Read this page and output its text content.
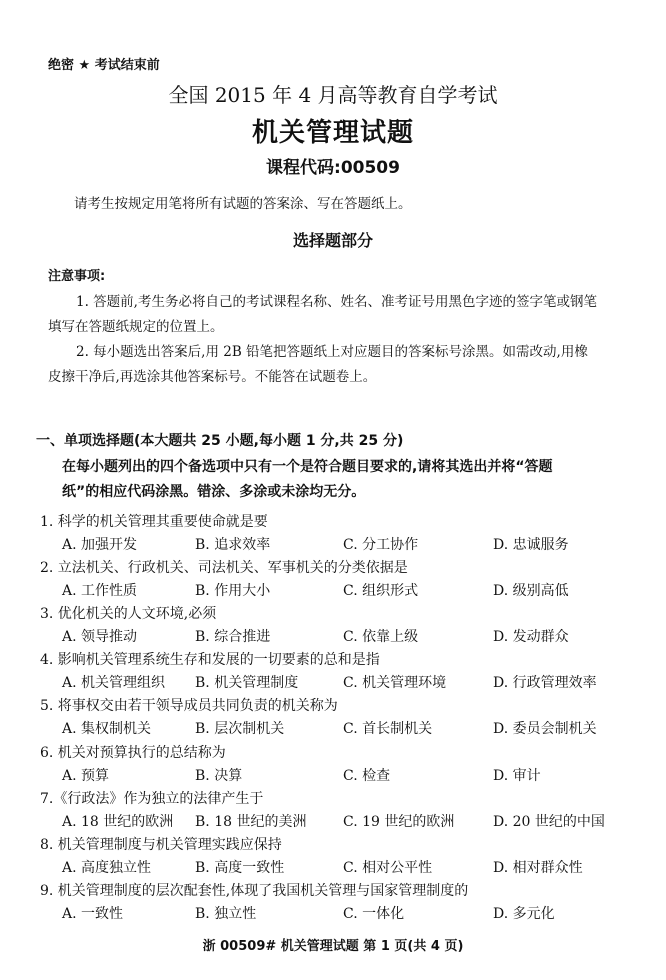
绝密 ★ 考试结束前
全国 2015 年 4 月高等教育自学考试
机关管理试题
课程代码:00509
请考生按规定用笔将所有试题的答案涂、写在答题纸上。
选择题部分
注意事项:
1. 答题前,考生务必将自己的考试课程名称、姓名、准考证号用黑色字迹的签字笔或钢笔
填写在答题纸规定的位置上。
2. 每小题选出答案后,用 2B 铅笔把答题纸上对应题目的答案标号涂黑。如需改动,用橡
皮擦干净后,再选涂其他答案标号。不能答在试题卷上。
一、单项选择题(本大题共 25 小题,每小题 1 分,共 25 分)
在每小题列出的四个备选项中只有一个是符合题目要求的,请将其选出并将“答题
纸”的相应代码涂黑。错涂、多涂或未涂均无分。
1. 科学的机关管理其重要使命就是要
A. 加强开发	B. 追求效率	C. 分工协作	D. 忠诚服务
2. 立法机关、行政机关、司法机关、军事机关的分类依据是
A. 工作性质	B. 作用大小	C. 组织形式	D. 级别高低
3. 优化机关的人文环境,必须
A. 领导推动	B. 综合推进	C. 依靠上级	D. 发动群众
4. 影响机关管理系统生存和发展的一切要素的总和是指
A. 机关管理组织 B. 机关管理制度	C. 机关管理环境	D. 行政管理效率
5. 将事权交由若干领导成员共同负责的机关称为
A. 集权制机关	B. 层次制机关	C. 首长制机关	D. 委员会制机关
6. 机关对预算执行的总结称为
A. 预算	B. 决算	C. 检查	D. 审计
7.《行政法》作为独立的法律产生于
A. 18 世纪的欧洲 B. 18 世纪的美洲	C. 19 世纪的欧洲	D. 20 世纪的中国
8. 机关管理制度与机关管理实践应保持
A. 高度独立性	B. 高度一致性	C. 相对公平性	D. 相对群众性
9. 机关管理制度的层次配套性,体现了我国机关管理与国家管理制度的
A. 一致性	B. 独立性	C. 一体化	D. 多元化
浙 00509# 机关管理试题 第 1 页(共 4 页)
